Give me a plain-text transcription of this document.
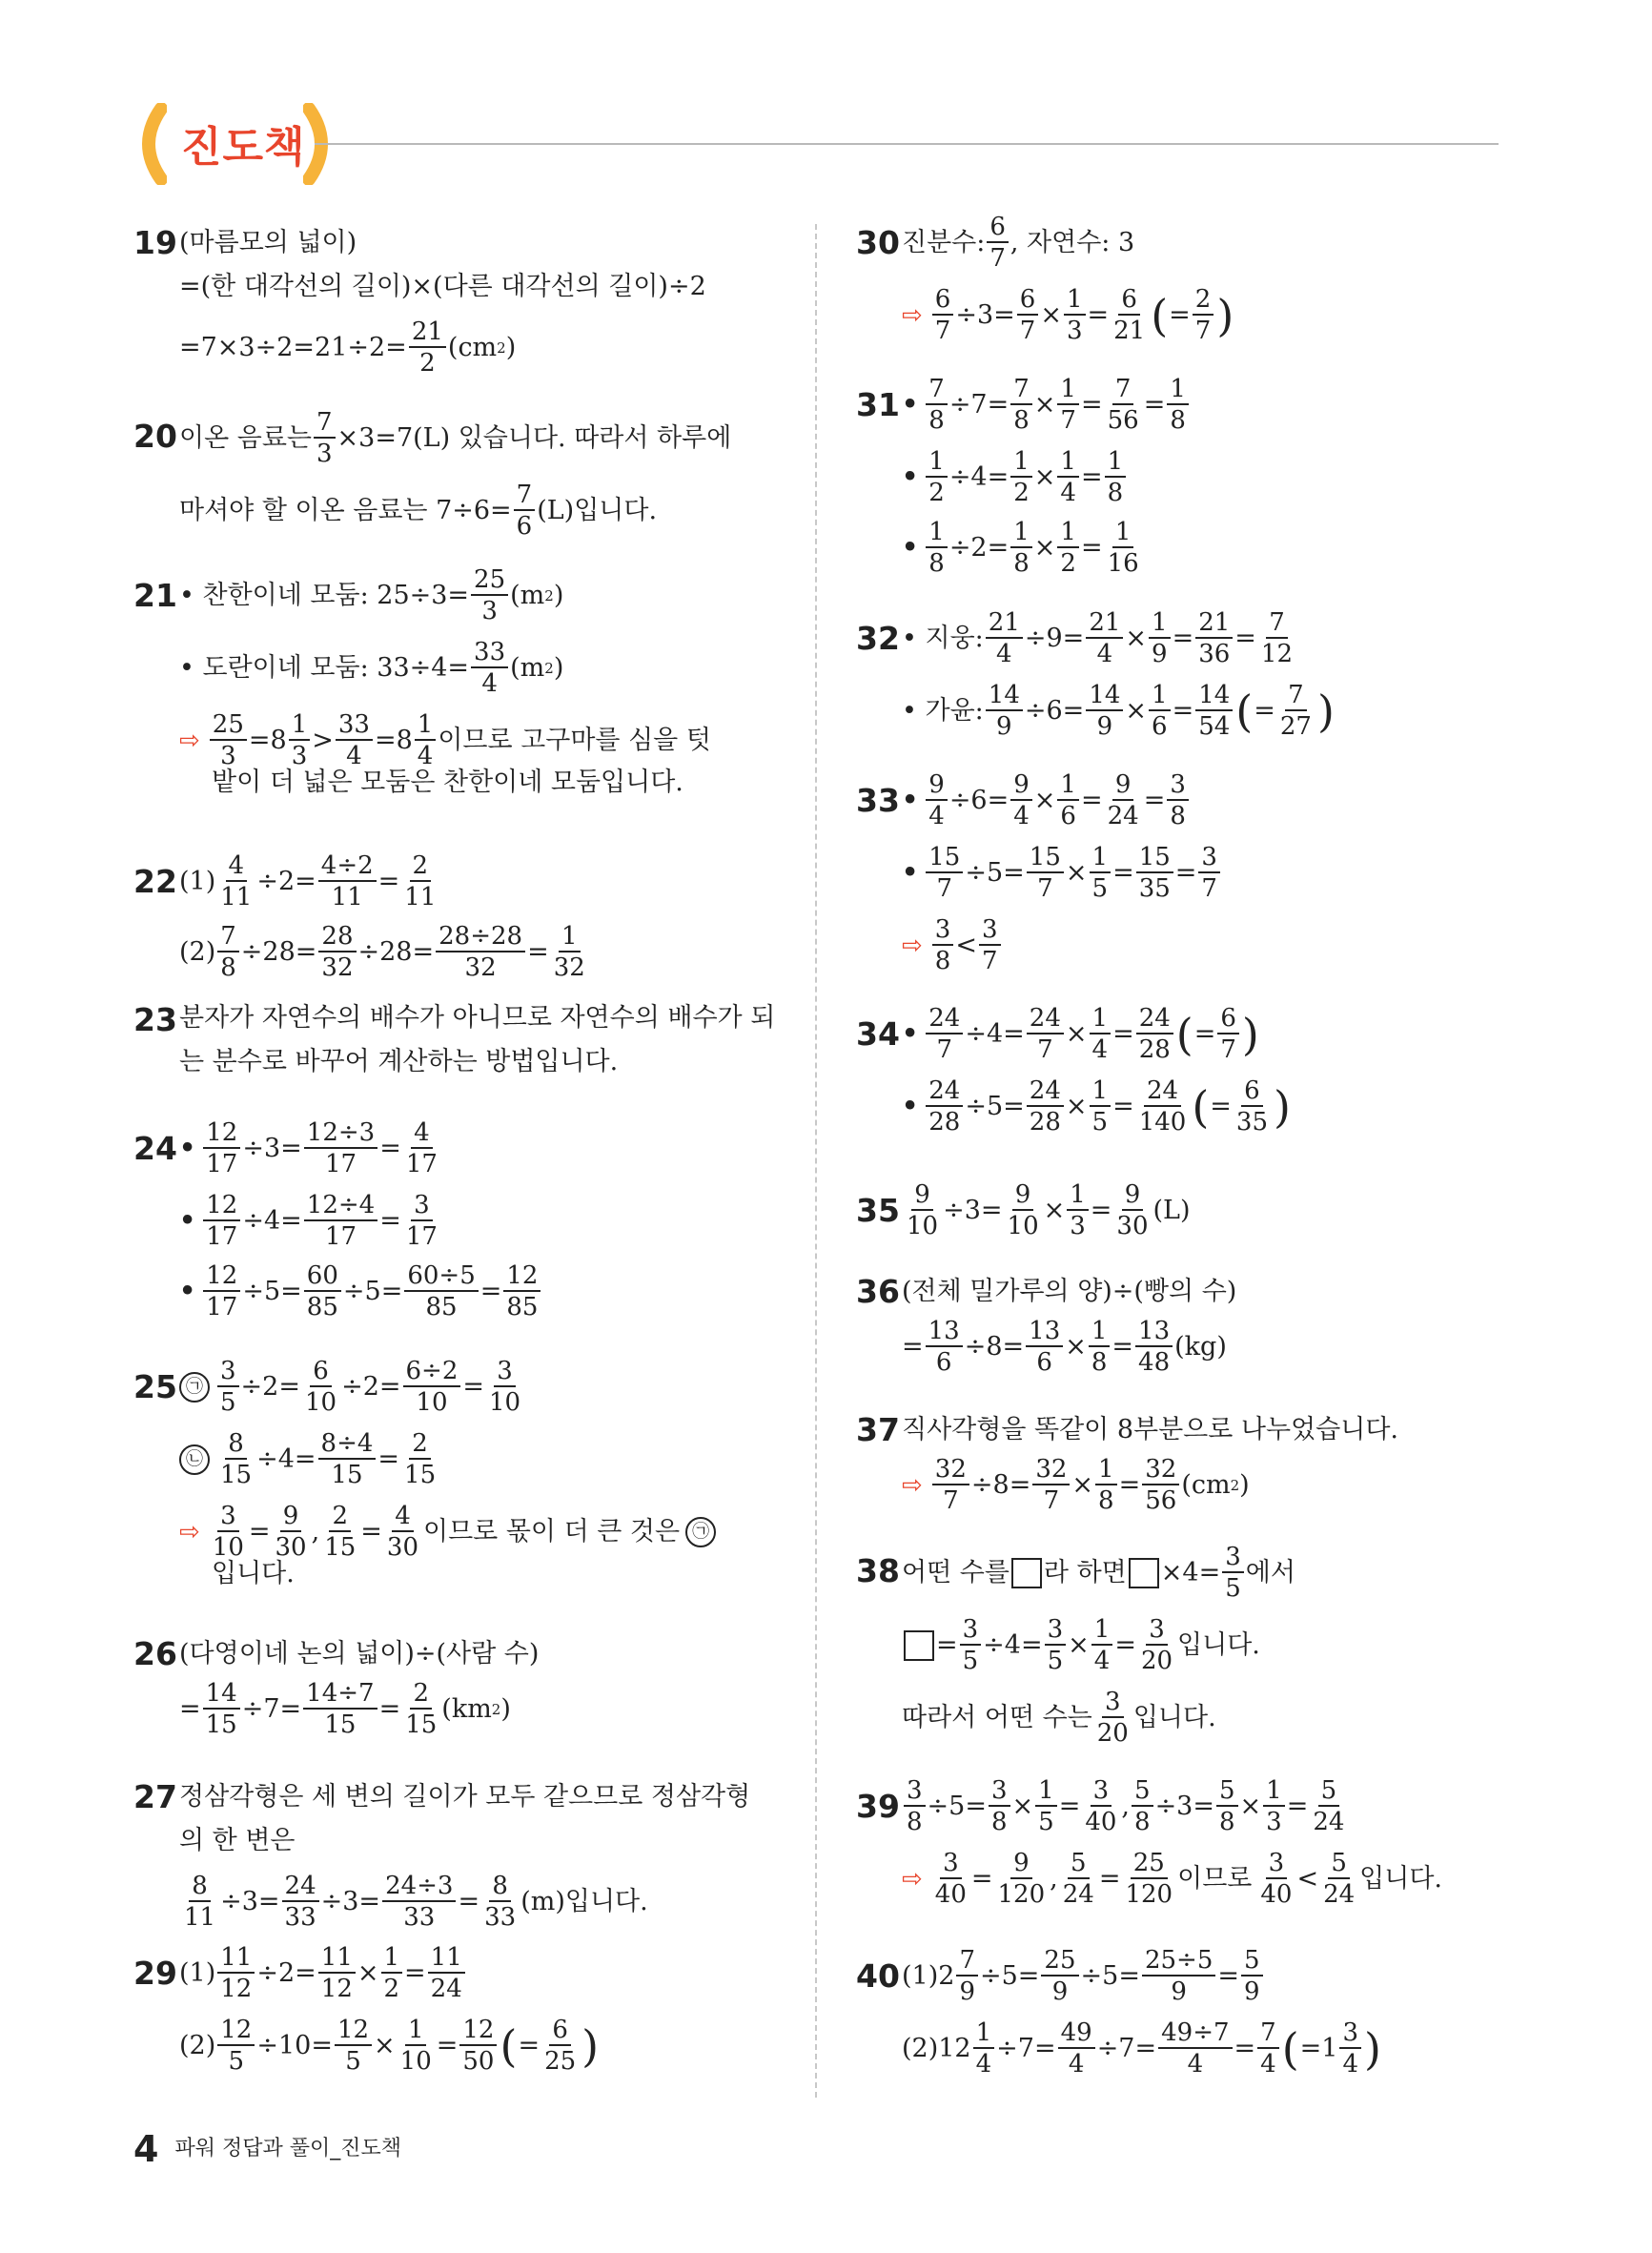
진도책
19 (마름모의 넓이)
=(한 대각선의 길이)×(다른 대각선의 길이)÷2
$=7\times 3\div 2=21\div 2= \frac{21}{2} (cm$ 2 )
20 이온 음료는 $\frac{7}{3} \times 3=7(L)$ 있습니다. 따라서 하루에
마셔야 할 이온 음료는 $7\div 6= \frac{7}{6} (L)$입니다.
21 • 찬한이네 모둠: $25\div 3= \frac{25}{3} (m$ 2 )
• 도란이네 모둠: $33\div 4= \frac{33}{4} (m$ 2 )
⇨ $\frac{25}{3} =8$
1
3
> $\frac{33}{4} =8$
1
4
이므로 고구마를 심을 텃
밭이 더 넓은 모둠은 찬한이네 모둠입니다.
22 $(1) \frac{4}{11} \div 2= \frac{4\div 2}{11} = \frac{2}{11}$
$(2) \frac{7}{8} \div 28= \frac{28}{32} \div 28= \frac{28\div 28}{32} = \frac{1}{32}$
23 분자가 자연수의 배수가 아니므로 자연수의 배수가 되
는 분수로 바꾸어 계산하는 방법입니다.
24 • $\frac{12}{17} \div 3= \frac{12\div 3}{17} = \frac{4}{17}$
• $\frac{12}{17} \div 4= \frac{12\div 4}{17} = \frac{3}{17}$
• $\frac{12}{17} \div 5= \frac{60}{85} \div 5= \frac{60\div 5}{85} = \frac{12}{85}$
25 ㉠ $\frac{3}{5} \div 2= \frac{6}{10} \div 2= \frac{6\div 2}{10} = \frac{3}{10}$
㉡ $\frac{8}{15} \div 4= \frac{8\div 4}{15} = \frac{2}{15}$
⇨ $\frac{3}{10} = \frac{9}{30}$ , $\frac{2}{15} = \frac{4}{30}$ 이므로 몫이 더 큰 것은 ㉠
입니다.
26 (다영이네 논의 넓이)÷(사람 수)
= $\frac{14}{15} \div 7= \frac{14\div 7}{15} = \frac{2}{15} (km$ 2 )
27 정삼각형은 세 변의 길이가 모두 같으므로 정삼각형
의 한 변은
$\frac{8}{11} \div 3= \frac{24}{33} \div 3= \frac{24\div 3}{33} = \frac{8}{33} (m)$입니다.
29 $(1) \frac{11}{12} \div 2= \frac{11}{12} \times \frac{1}{2} = \frac{11}{24}$
$(2) \frac{12}{5} \div 10= \frac{12}{5} \times \frac{1}{10} = \frac{12}{50}$ ( = $\frac{6}{25}$ )
30 진분수:
6
7
, 자연수: 3
⇨ $\frac{6}{7} \div 3= \frac{6}{7} \times \frac{1}{3} = \frac{6}{21}$ ( = $\frac{2}{7}$ )
31 • $\frac{7}{8} \div 7= \frac{7}{8} \times \frac{1}{7} = \frac{7}{56} = \frac{1}{8}$
• $\frac{1}{2} \div 4= \frac{1}{2} \times \frac{1}{4} = \frac{1}{8}$
• $\frac{1}{8} \div 2= \frac{1}{8} \times \frac{1}{2} = \frac{1}{16}$
32 • 지웅: $\frac{21}{4} \div 9= \frac{21}{4} \times \frac{1}{9} = \frac{21}{36} = \frac{7}{12}$
• 가윤: $\frac{14}{9} \div 6= \frac{14}{9} \times \frac{1}{6} = \frac{14}{54}$ ( = $\frac{7}{27}$ )
33 • $\frac{9}{4} \div 6= \frac{9}{4} \times \frac{1}{6} = \frac{9}{24} = \frac{3}{8}$
• $\frac{15}{7} \div 5= \frac{15}{7} \times \frac{1}{5} = \frac{15}{35} = \frac{3}{7}$
⇨ $\frac{3}{8} < \frac{3}{7}$
34 • $\frac{24}{7} \div 4= \frac{24}{7} \times \frac{1}{4} = \frac{24}{28}$ ( = $\frac{6}{7}$ )
• $\frac{24}{28} \div 5= \frac{24}{28} \times \frac{1}{5} = \frac{24}{140}$ ( = $\frac{6}{35}$ )
$35 \frac{9}{10} \div 3= \frac{9}{10} \times \frac{1}{3} = \frac{9}{30} (L)$
36 (전체 밀가루의 양)÷(빵의 수)
= $\frac{13}{6} \div 8= \frac{13}{6} \times \frac{1}{8} = \frac{13}{48} (kg)$
37 직사각형을 똑같이 8부분으로 나누었습니다.
⇨ $\frac{32}{7} \div 8= \frac{32}{7} \times \frac{1}{8} = \frac{32}{56} (cm$ 2 )
38 어떤 수를 라 하면 $\times 4= \frac{3}{5}$ 에서
= $\frac{3}{5} \div 4= \frac{3}{5} \times \frac{1}{4} = \frac{3}{20}$ 입니다.
따라서 어떤 수는
3
20
입니다.
$39 \frac{3}{8} \div 5= \frac{3}{8} \times \frac{1}{5} = \frac{3}{40}$ , $\frac{5}{8} \div 3= \frac{5}{8} \times \frac{1}{3} = \frac{5}{24}$
⇨ $\frac{3}{40} = \frac{9}{120}$ , $\frac{5}{24} = \frac{25}{120}$ 이므로 $\frac{3}{40} < \frac{5}{24}$ 입니다.
40 (1) $2 \frac{7}{9} \div 5= \frac{25}{9} \div 5= \frac{25\div 5}{9} = \frac{5}{9}$
(2) $12 \frac{1}{4} \div 7= \frac{49}{4} \div 7= \frac{49\div 7}{4} = \frac{7}{4}$ ( $=1 \frac{3}{4}$ )
4 파워 정답과 풀이_진도책
